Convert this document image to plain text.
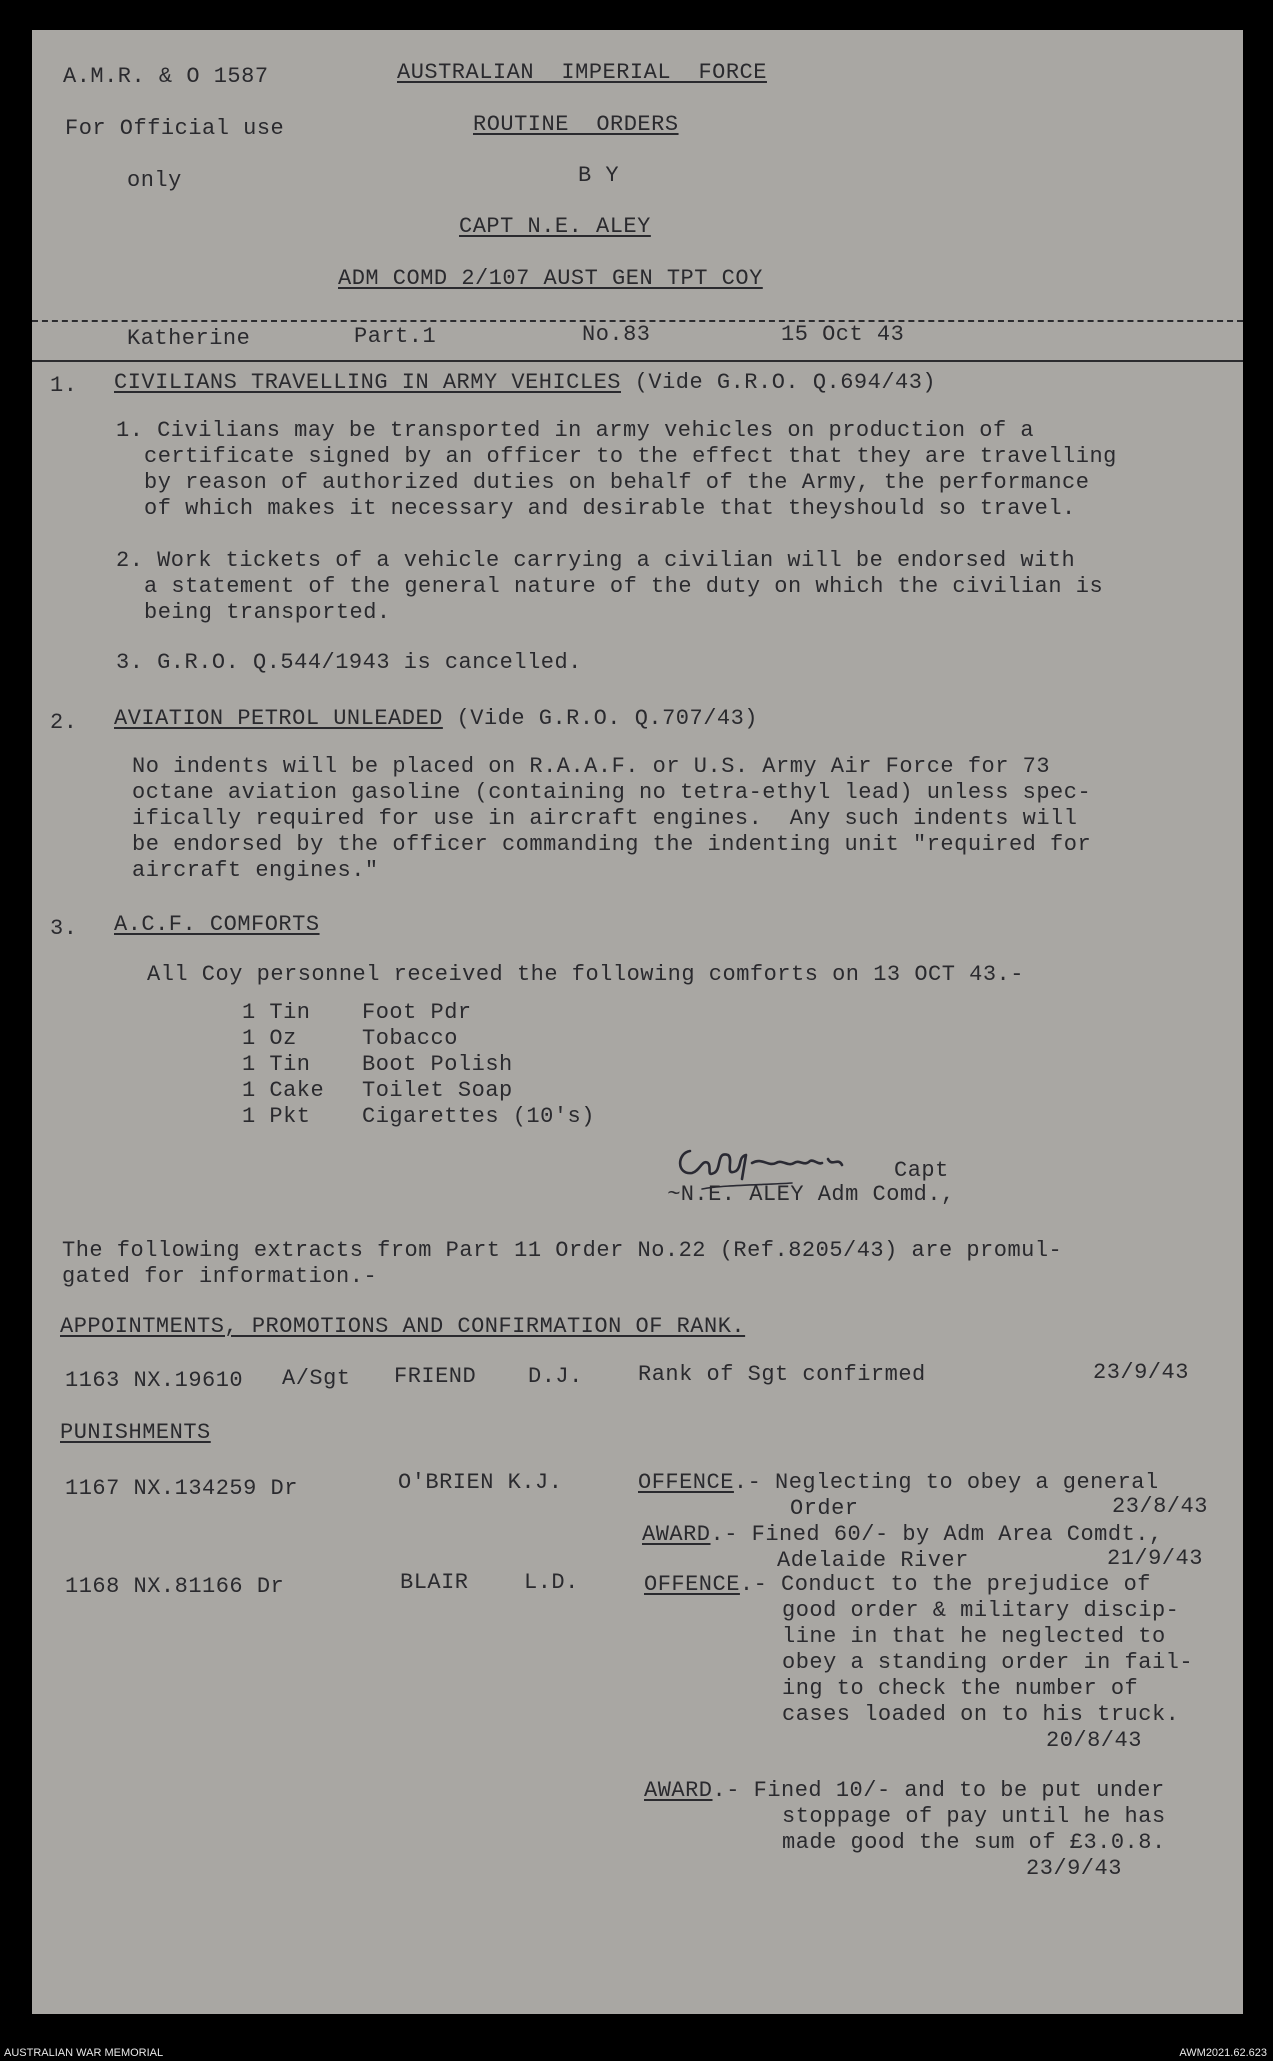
A.M.R. & O 1587
For Official use
only
AUSTRALIAN  IMPERIAL  FORCE
ROUTINE  ORDERS
B Y
CAPT N.E. ALEY
ADM COMD 2/107 AUST GEN TPT COY
Katherine	Part.1	No.83	15 Oct 43
1. CIVILIANS TRAVELLING IN ARMY VEHICLES (Vide G.R.O. Q.694/43)
1. Civilians may be transported in army vehicles on production of a
certificate signed by an officer to the effect that they are travelling
by reason of authorized duties on behalf of the Army, the performance
of which makes it necessary and desirable that theyshould so travel.
2. Work tickets of a vehicle carrying a civilian will be endorsed with
a statement of the general nature of the duty on which the civilian is
being transported.
3. G.R.O. Q.544/1943 is cancelled.
2. AVIATION PETROL UNLEADED (Vide G.R.O. Q.707/43)
No indents will be placed on R.A.A.F. or U.S. Army Air Force for 73
octane aviation gasoline (containing no tetra-ethyl lead) unless spec-
ifically required for use in aircraft engines.  Any such indents will
be endorsed by the officer commanding the indenting unit "required for
aircraft engines."
3. A.C.F. COMFORTS
All Coy personnel received the following comforts on 13 OCT 43.-
1 Tin Foot Pdr
1 Oz	Tobacco
1 Tin Boot Polish
1 Cake Toilet Soap
1 Pkt Cigarettes (10's)
Capt
~N.E. ALEY Adm Comd.,
The following extracts from Part 11 Order No.22 (Ref.8205/43) are promul-
gated for information.-
APPOINTMENTS, PROMOTIONS AND CONFIRMATION OF RANK.
1163 NX.19610 A/Sgt FRIEND D.J.	Rank of Sgt confirmed	23/9/43
PUNISHMENTS
1167 NX.134259 Dr	O'BRIEN K.J.	OFFENCE.- Neglecting to obey a general
Order	23/8/43
AWARD.- Fined 60/- by Adm Area Comdt.,
Adelaide River	21/9/43
1168 NX.81166 Dr	BLAIR	L.D.	OFFENCE.- Conduct to the prejudice of
good order & military discip-
line in that he neglected to
obey a standing order in fail-
ing to check the number of
cases loaded on to his truck.
20/8/43
AWARD.- Fined 10/- and to be put under
stoppage of pay until he has
made good the sum of £3.0.8.
23/9/43
AUSTRALIAN WAR MEMORIAL	AWM2021.62.623
